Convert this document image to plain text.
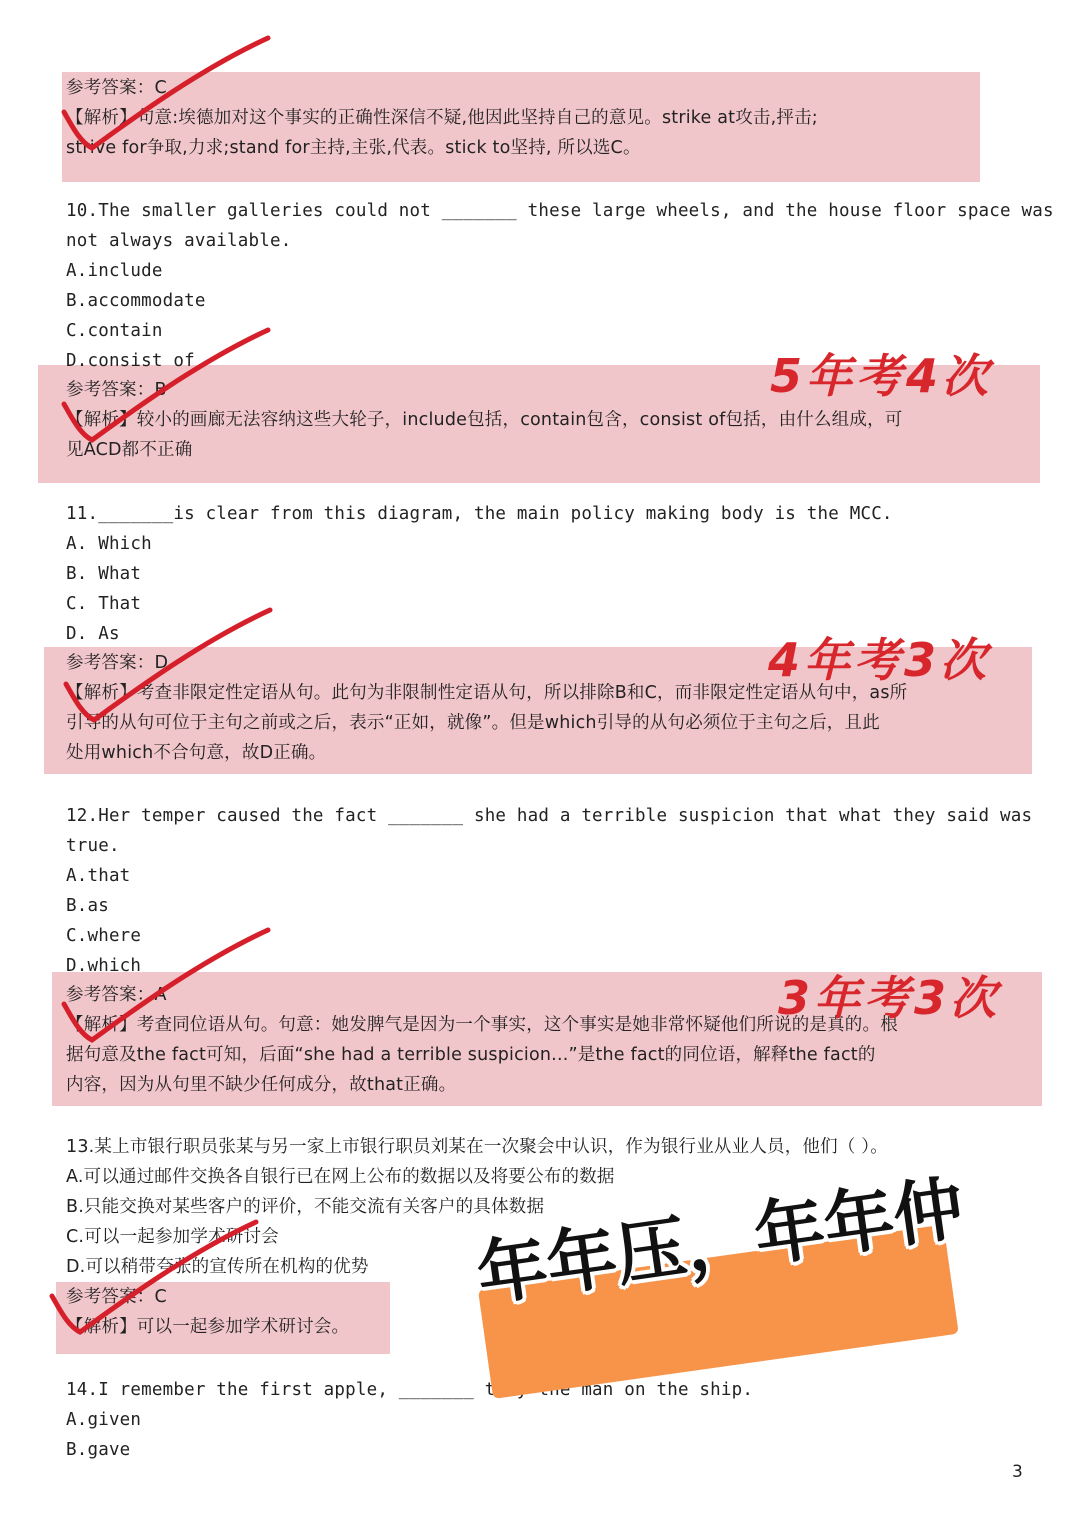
参考答案：C
【解析】句意:埃德加对这个事实的正确性深信不疑,他因此坚持自己的意见。strike at攻击,抨击;
strive for争取,力求;stand for主持,主张,代表。stick to坚持, 所以选C。
10.The smaller galleries could not _______ these large wheels, and the house floor space was
not always available.
A.include
B.accommodate
C.contain
D.consist of
参考答案：B
【解析】较小的画廊无法容纳这些大轮子，include包括，contain包含，consist of包括，由什么组成，可
见ACD都不正确
5年考4次
11._______is clear from this diagram, the main policy making body is the MCC.
A. Which
B. What
C. That
D. As
参考答案：D
【解析】考查非限定性定语从句。此句为非限制性定语从句，所以排除B和C，而非限定性定语从句中，as所
引导的从句可位于主句之前或之后，表示“正如，就像”。但是which引导的从句必须位于主句之后，且此
处用which不合句意，故D正确。
4年考3次
12.Her temper caused the fact _______ she had a terrible suspicion that what they said was
true.
A.that
B.as
C.where
D.which
参考答案：A
【解析】考查同位语从句。句意：她发脾气是因为一个事实，这个事实是她非常怀疑他们所说的是真的。根
据句意及the fact可知，后面“she had a terrible suspicion...”是the fact的同位语，解释the fact的
内容，因为从句里不缺少任何成分，故that正确。
3年考3次
13.某上市银行职员张某与另一家上市银行职员刘某在一次聚会中认识，作为银行业从业人员，他们（ ）。
A.可以通过邮件交换各自银行已在网上公布的数据以及将要公布的数据
B.只能交换对某些客户的评价，不能交流有关客户的具体数据
C.可以一起参加学术研讨会
D.可以稍带夸张的宣传所在机构的优势
参考答案：C
【解析】可以一起参加学术研讨会。
14.I remember the first apple, _______ to y the man on the ship.
A.given
B.gave
年年压，年年仲
3
